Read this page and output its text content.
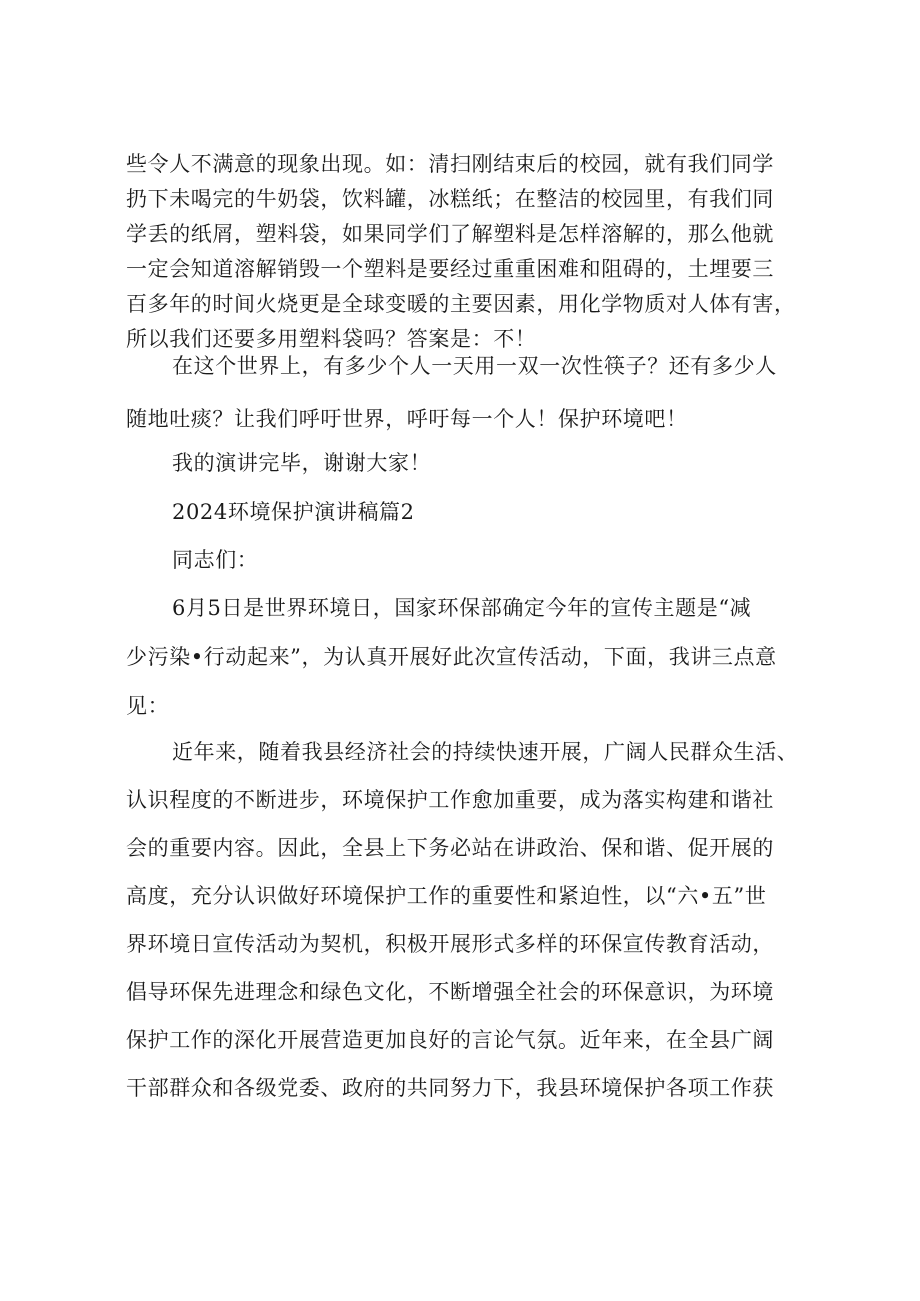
些令人不满意的现象出现。如：清扫刚结束后的校园，就有我们同学
扔下未喝完的牛奶袋，饮料罐，冰糕纸；在整洁的校园里，有我们同
学丢的纸屑，塑料袋，如果同学们了解塑料是怎样溶解的，那么他就
一定会知道溶解销毁一个塑料是要经过重重困难和阻碍的，土埋要三
百多年的时间火烧更是全球变暖的主要因素，用化学物质对人体有害，
所以我们还要多用塑料袋吗？答案是：不！
在这个世界上，有多少个人一天用一双一次性筷子？还有多少人
随地吐痰？让我们呼吁世界，呼吁每一个人！保护环境吧！
我的演讲完毕，谢谢大家！
2024环境保护演讲稿篇2
同志们：
6月5日是世界环境日，国家环保部确定今年的宣传主题是“减
少污染•行动起来”，为认真开展好此次宣传活动，下面，我讲三点意
见：
近年来，随着我县经济社会的持续快速开展，广阔人民群众生活、
认识程度的不断进步，环境保护工作愈加重要，成为落实构建和谐社
会的重要内容。因此，全县上下务必站在讲政治、保和谐、促开展的
高度，充分认识做好环境保护工作的重要性和紧迫性，以“六•五”世
界环境日宣传活动为契机，积极开展形式多样的环保宣传教育活动，
倡导环保先进理念和绿色文化，不断增强全社会的环保意识，为环境
保护工作的深化开展营造更加良好的言论气氛。近年来，在全县广阔
干部群众和各级党委、政府的共同努力下，我县环境保护各项工作获
